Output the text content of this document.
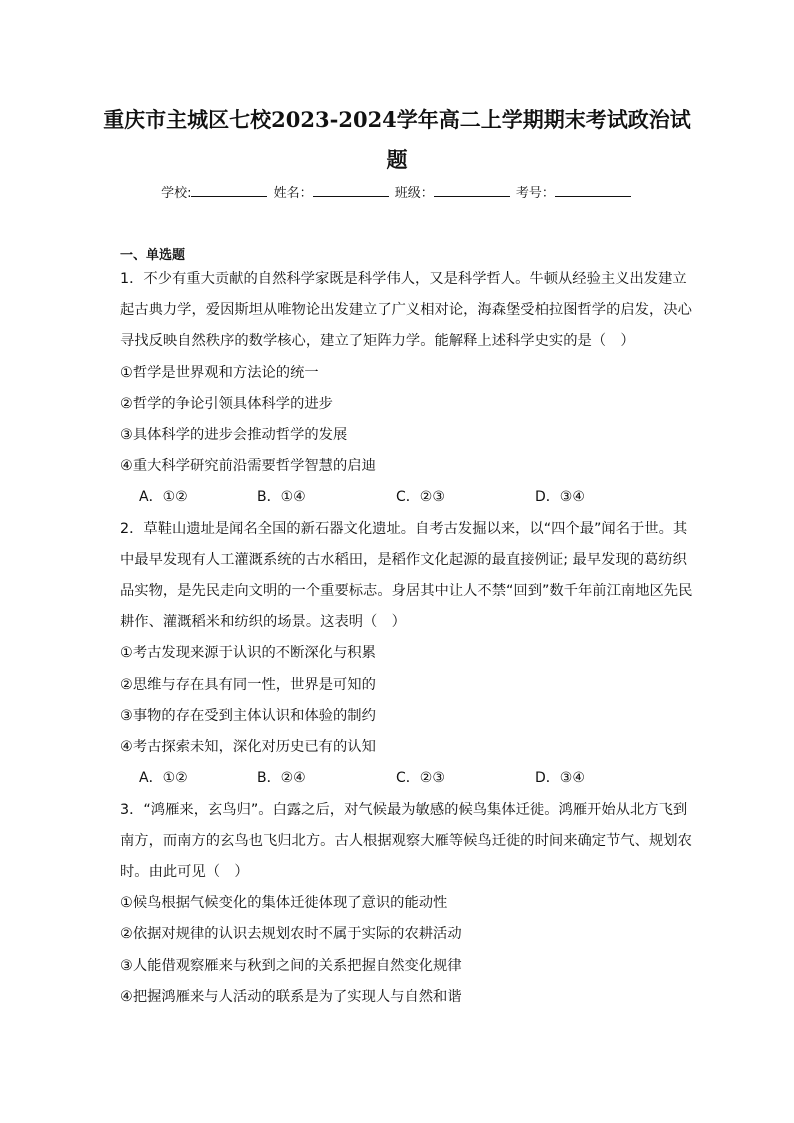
重庆市主城区七校2023-2024学年高二上学期期末考试政治试
题
学校:	姓名：	班级：	考号：
一、单选题
1．不少有重大贡献的自然科学家既是科学伟人，又是科学哲人。牛顿从经验主义出发建立
起古典力学，爱因斯坦从唯物论出发建立了广义相对论，海森堡受柏拉图哲学的启发，决心
寻找反映自然秩序的数学核心，建立了矩阵力学。能解释上述科学史实的是（　）
①哲学是世界观和方法论的统一
②哲学的争论引领具体科学的进步
③具体科学的进步会推动哲学的发展
④重大科学研究前沿需要哲学智慧的启迪
A．①②	B．①④	C．②③	D．③④
2．草鞋山遗址是闻名全国的新石器文化遗址。自考古发掘以来，以“四个最”闻名于世。其
中最早发现有人工灌溉系统的古水稻田，是稻作文化起源的最直接例证; 最早发现的葛纺织
品实物，是先民走向文明的一个重要标志。身居其中让人不禁“回到”数千年前江南地区先民
耕作、灌溉稻米和纺织的场景。这表明（　）
①考古发现来源于认识的不断深化与积累
②思维与存在具有同一性，世界是可知的
③事物的存在受到主体认识和体验的制约
④考古探索未知，深化对历史已有的认知
A．①②	B．②④	C．②③	D．③④
3．“鸿雁来，玄鸟归”。白露之后，对气候最为敏感的候鸟集体迁徙。鸿雁开始从北方飞到
南方，而南方的玄鸟也飞归北方。古人根据观察大雁等候鸟迁徙的时间来确定节气、规划农
时。由此可见（　）
①候鸟根据气候变化的集体迁徙体现了意识的能动性
②依据对规律的认识去规划农时不属于实际的农耕活动
③人能借观察雁来与秋到之间的关系把握自然变化规律
④把握鸿雁来与人活动的联系是为了实现人与自然和谐
